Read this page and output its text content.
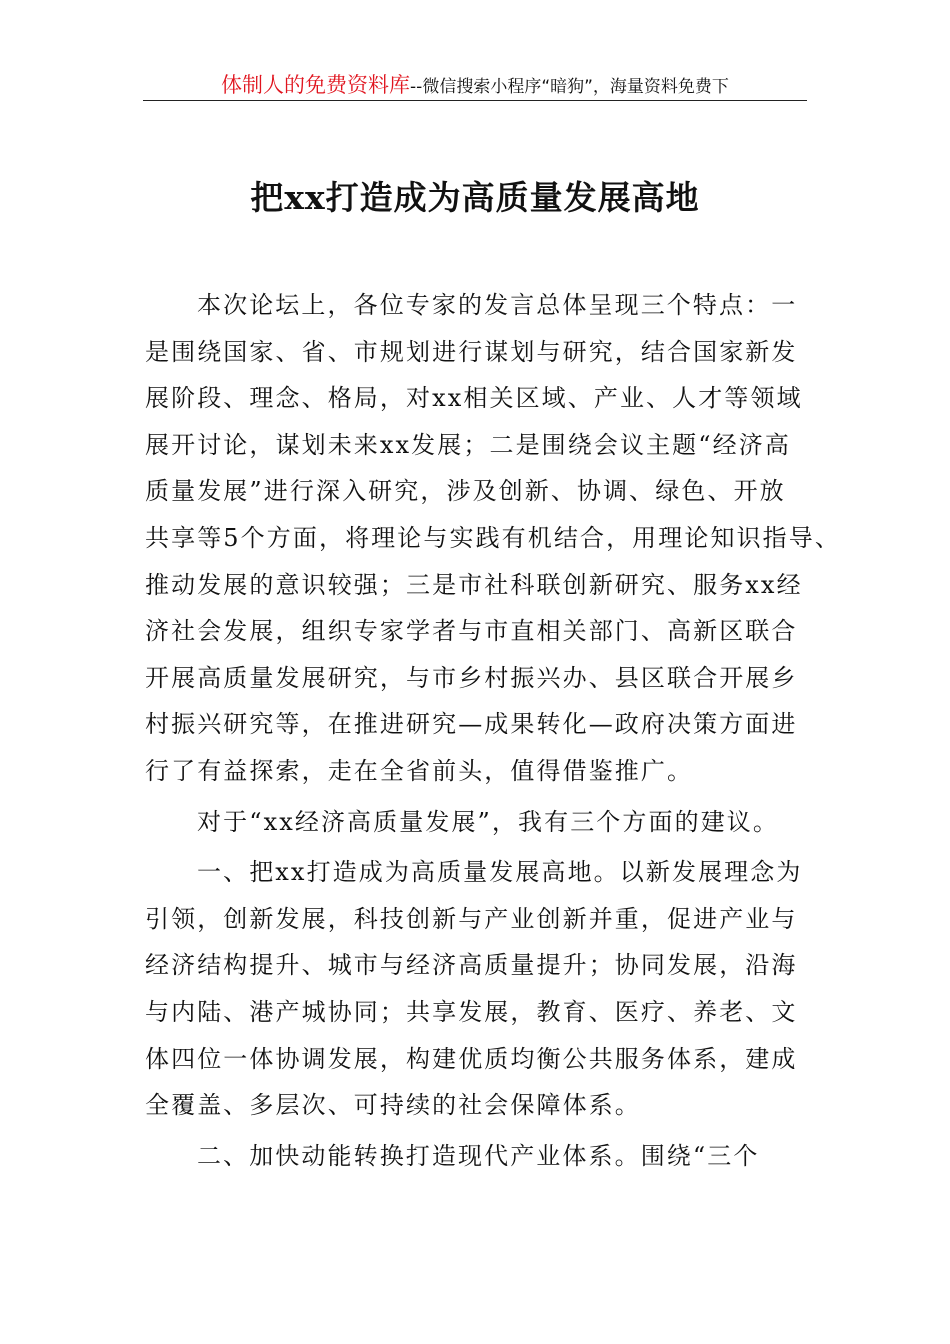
体制人的免费资料库--微信搜索小程序“暗狗”，海量资料免费下
把xx打造成为高质量发展高地
本次论坛上，各位专家的发言总体呈现三个特点：一
是围绕国家、省、市规划进行谋划与研究，结合国家新发
展阶段、理念、格局，对xx相关区域、产业、人才等领域
展开讨论，谋划未来xx发展；二是围绕会议主题“经济高
质量发展”进行深入研究，涉及创新、协调、绿色、开放
共享等5个方面，将理论与实践有机结合，用理论知识指导、
推动发展的意识较强；三是市社科联创新研究、服务xx经
济社会发展，组织专家学者与市直相关部门、高新区联合
开展高质量发展研究，与市乡村振兴办、县区联合开展乡
村振兴研究等，在推进研究—成果转化—政府决策方面进
行了有益探索，走在全省前头，值得借鉴推广。
对于“xx经济高质量发展”，我有三个方面的建议。
一、把xx打造成为高质量发展高地。以新发展理念为
引领，创新发展，科技创新与产业创新并重，促进产业与
经济结构提升、城市与经济高质量提升；协同发展，沿海
与内陆、港产城协同；共享发展，教育、医疗、养老、文
体四位一体协调发展，构建优质均衡公共服务体系，建成
全覆盖、多层次、可持续的社会保障体系。
二、加快动能转换打造现代产业体系。围绕“三个
